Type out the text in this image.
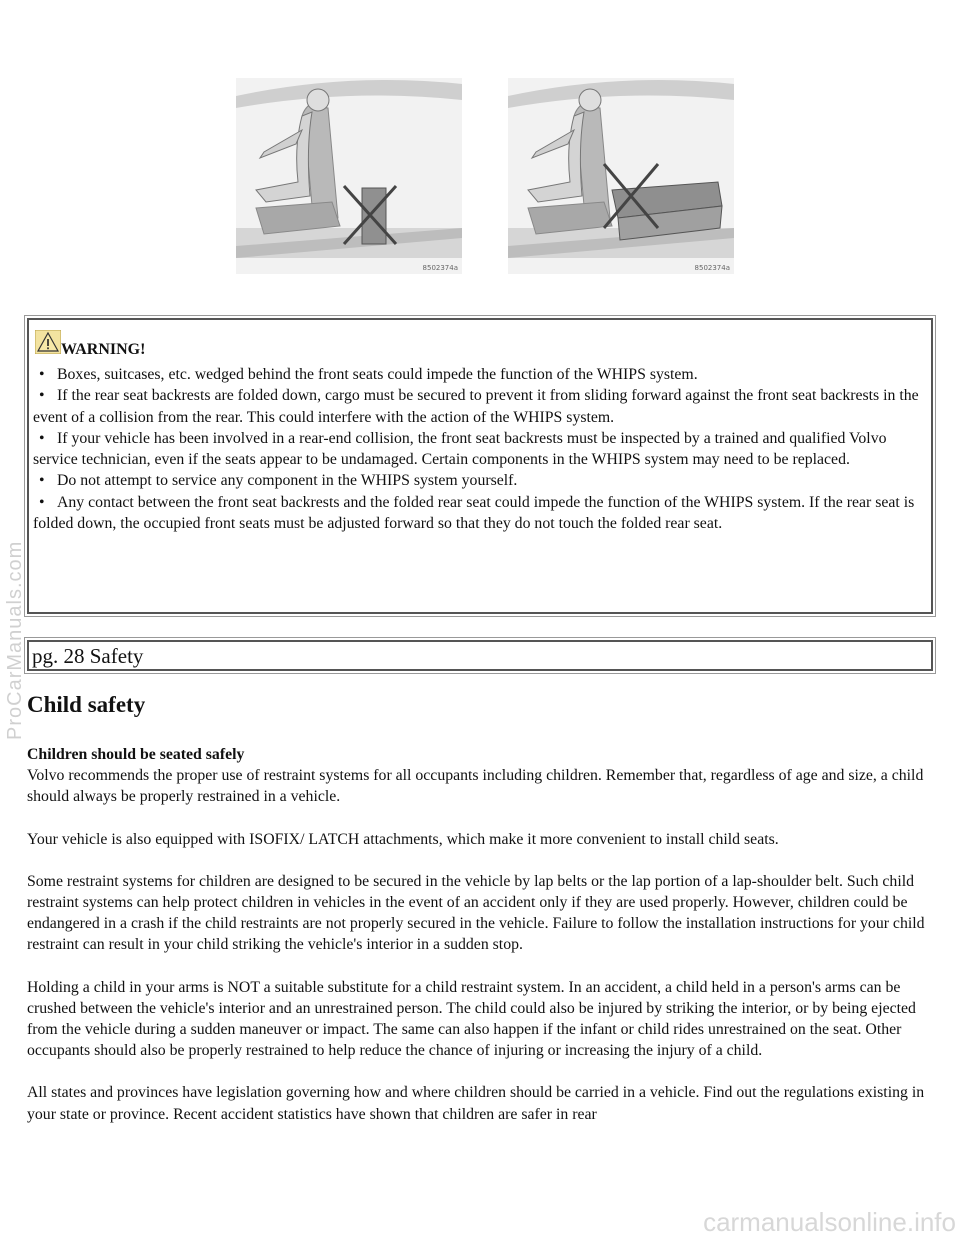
8502374a	8502374a
WARNING!
• Boxes, suitcases, etc. wedged behind the front seats could impede the function of the WHIPS system.
• If the rear seat backrests are folded down, cargo must be secured to prevent it from sliding forward against the front seat backrests in the event of a collision from the rear. This could interfere with the action of the WHIPS system.
• If your vehicle has been involved in a rear-end collision, the front seat backrests must be inspected by a trained and qualified Volvo service technician, even if the seats appear to be undamaged. Certain components in the WHIPS system may need to be replaced.
• Do not attempt to service any component in the WHIPS system yourself.
• Any contact between the front seat backrests and the folded rear seat could impede the function of the WHIPS system. If the rear seat is folded down, the occupied front seats must be adjusted forward so that they do not touch the folded rear seat.
pg. 28 Safety
Child safety

Children should be seated safely
Volvo recommends the proper use of restraint systems for all occupants including children. Remember that, regardless of age and size, a child should always be properly restrained in a vehicle.

Your vehicle is also equipped with ISOFIX/ LATCH attachments, which make it more convenient to install child seats.

Some restraint systems for children are designed to be secured in the vehicle by lap belts or the lap portion of a lap-shoulder belt. Such child restraint systems can help protect children in vehicles in the event of an accident only if they are used properly. However, children could be endangered in a crash if the child restraints are not properly secured in the vehicle. Failure to follow the installation instructions for your child restraint can result in your child striking the vehicle's interior in a sudden stop.

Holding a child in your arms is NOT a suitable substitute for a child restraint system. In an accident, a child held in a person's arms can be crushed between the vehicle's interior and an unrestrained person. The child could also be injured by striking the interior, or by being ejected from the vehicle during a sudden maneuver or impact. The same can also happen if the infant or child rides unrestrained on the seat. Other occupants should also be properly restrained to help reduce the chance of injuring or increasing the injury of a child.

All states and provinces have legislation governing how and where children should be carried in a vehicle. Find out the regulations existing in your state or province. Recent accident statistics have shown that children are safer in rear

ProCarManuals.com
carmanualsonline.info
